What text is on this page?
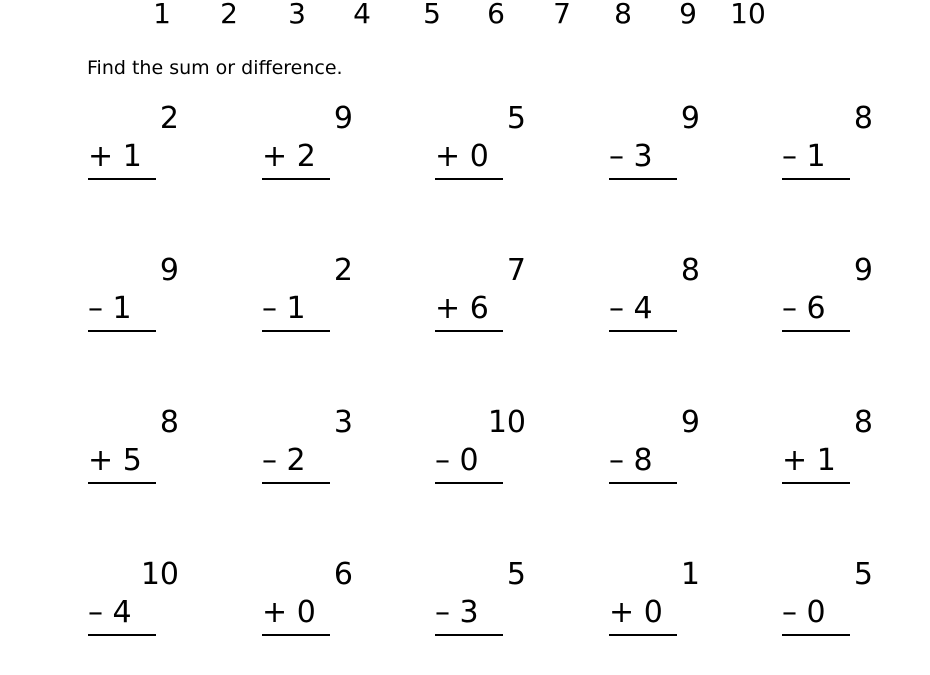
1	2	3	4	5	6	7	8	9	10
Find the sum or difference.
2
+ 1
9
+ 2
5
+ 0
9
– 3
8
– 1
9
– 1
2
– 1
7
+ 6
8
– 4
9
– 6
8
+ 5
3
– 2
10
– 0
9
– 8
8
+ 1
10
– 4
6
+ 0
5
– 3
1
+ 0
5
– 0
